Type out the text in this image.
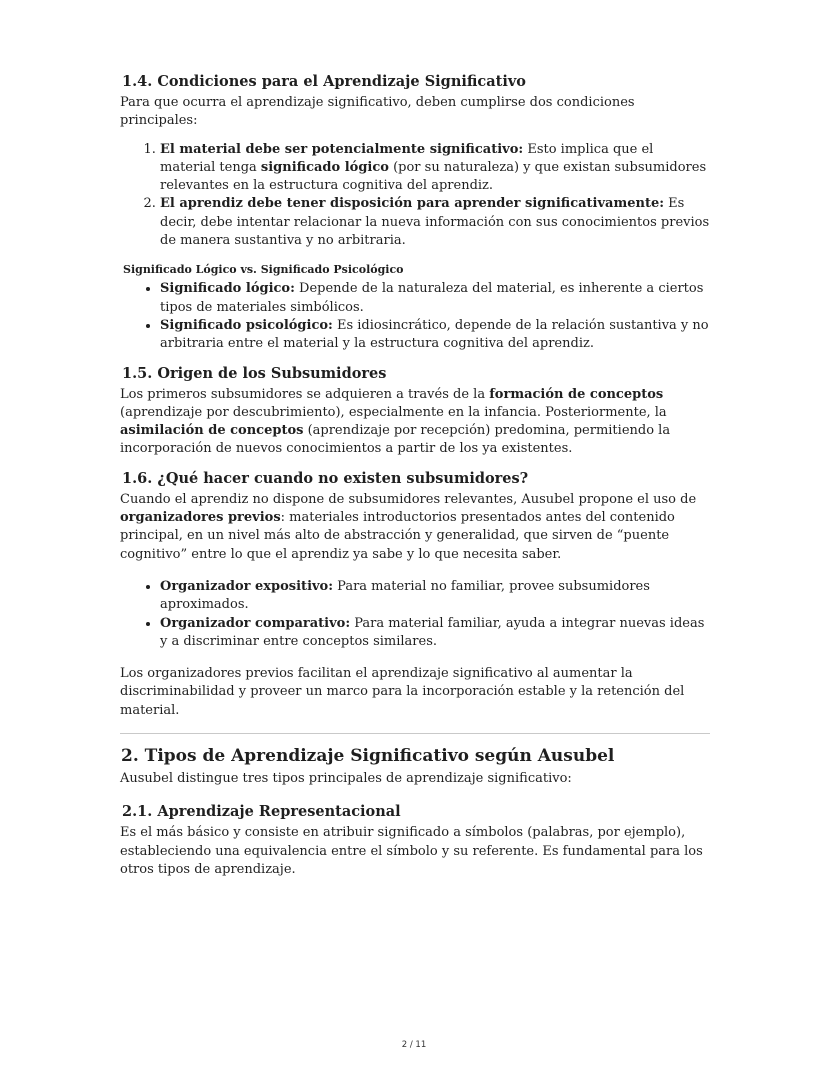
1.4. Condiciones para el Aprendizaje Significativo

Para que ocurra el aprendizaje significativo, deben cumplirse dos condiciones principales:

1. El material debe ser potencialmente significativo: Esto implica que el material tenga significado lógico (por su naturaleza) y que existan subsumidores relevantes en la estructura cognitiva del aprendiz.
2. El aprendiz debe tener disposición para aprender significativamente: Es decir, debe intentar relacionar la nueva información con sus conocimientos previos de manera sustantiva y no arbitraria.
Significado Lógico vs. Significado Psicológico
• Significado lógico: Depende de la naturaleza del material, es inherente a ciertos tipos de materiales simbólicos.
• Significado psicológico: Es idiosincrático, depende de la relación sustantiva y no arbitraria entre el material y la estructura cognitiva del aprendiz.
1.5. Origen de los Subsumidores

Los primeros subsumidores se adquieren a través de la formación de conceptos (aprendizaje por descubrimiento), especialmente en la infancia. Posteriormente, la asimilación de conceptos (aprendizaje por recepción) predomina, permitiendo la incorporación de nuevos conocimientos a partir de los ya existentes.

1.6. ¿Qué hacer cuando no existen subsumidores?

Cuando el aprendiz no dispone de subsumidores relevantes, Ausubel propone el uso de organizadores previos: materiales introductorios presentados antes del contenido principal, en un nivel más alto de abstracción y generalidad, que sirven de “puente cognitivo” entre lo que el aprendiz ya sabe y lo que necesita saber.

• Organizador expositivo: Para material no familiar, provee subsumidores aproximados.
• Organizador comparativo: Para material familiar, ayuda a integrar nuevas ideas y a discriminar entre conceptos similares.

Los organizadores previos facilitan el aprendizaje significativo al aumentar la discriminabilidad y proveer un marco para la incorporación estable y la retención del material.

2. Tipos de Aprendizaje Significativo según Ausubel

Ausubel distingue tres tipos principales de aprendizaje significativo:

2.1. Aprendizaje Representacional

Es el más básico y consiste en atribuir significado a símbolos (palabras, por ejemplo), estableciendo una equivalencia entre el símbolo y su referente. Es fundamental para los otros tipos de aprendizaje.

2 / 11
